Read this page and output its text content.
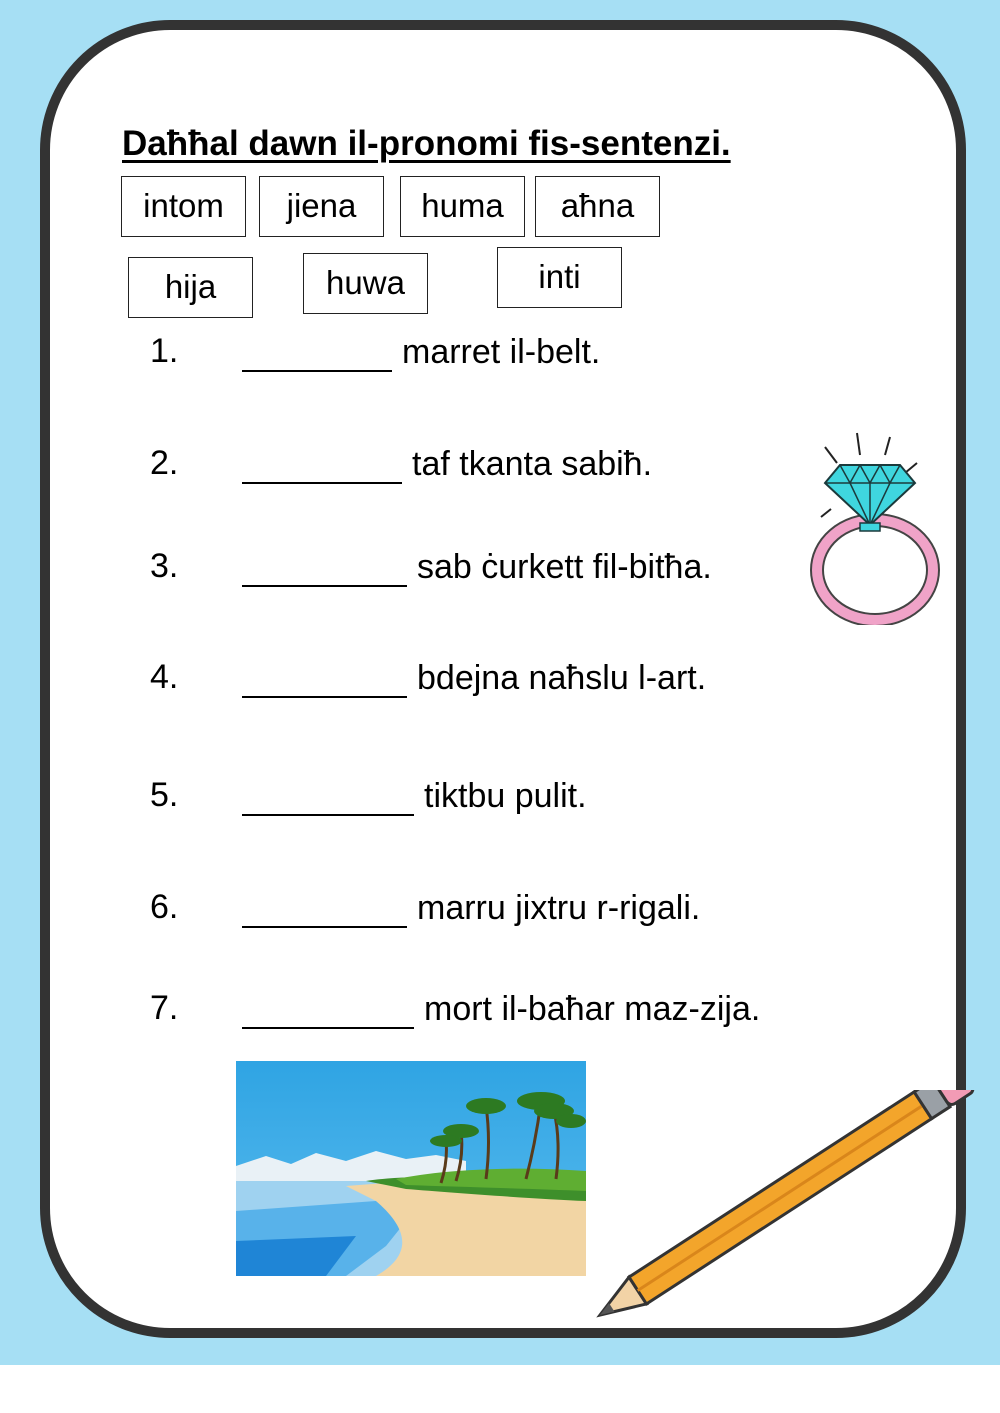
Daħħal dawn il-pronomi fis-sentenzi.
intom	jiena	huma	aħna
hija	huwa	inti
1.	marret il-belt.
2.	taf tkanta sabiħ.
3.	sab ċurkett fil-bitħa.
4.	bdejna naħslu l-art.
5.	tiktbu pulit.
6.	marru jixtru r-rigali.
7.	mort il-baħar maz-zija.
